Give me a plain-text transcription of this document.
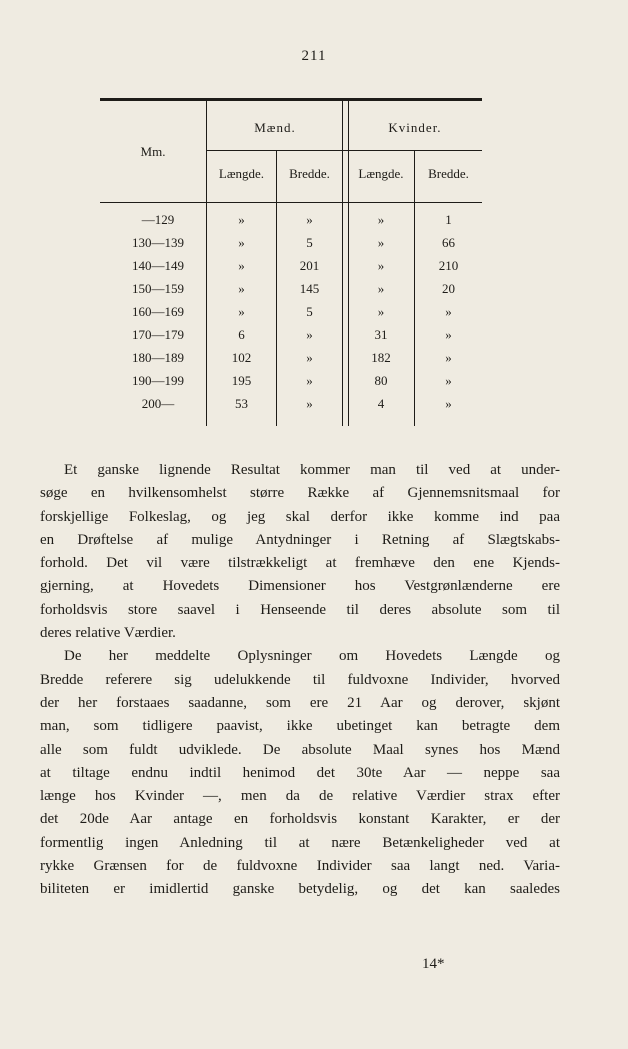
211
Mm.
Mænd.	Kvinder.
Længde.	Bredde.	Længde.	Bredde.
—129	»	»	»	1
130—139	»	5	»	66
140—149	»	201	»	210
150—159	»	145	»	20
160—169	»	5	»	»
170—179	6	»	31	»
180—189	102	»	182	»
190—199	195	»	80	»
200—	53	»	4	»

Et ganske lignende Resultat kommer man til ved at under-
søge en hvilkensomhelst større Række af Gjennemsnitsmaal for
forskjellige Folkeslag, og jeg skal derfor ikke komme ind paa
en Drøftelse af mulige Antydninger i Retning af Slægtskabs-
forhold. Det vil være tilstrækkeligt at fremhæve den ene Kjends-
gjerning, at Hovedets Dimensioner hos Vestgrønlænderne ere
forholdsvis store saavel i Henseende til deres absolute som til
deres relative Værdier.

De her meddelte Oplysninger om Hovedets Længde og
Bredde referere sig udelukkende til fuldvoxne Individer, hvorved
der her forstaaes saadanne, som ere 21 Aar og derover, skjønt
man, som tidligere paavist, ikke ubetinget kan betragte dem
alle som fuldt udviklede. De absolute Maal synes hos Mænd
at tiltage endnu indtil henimod det 30te Aar — neppe saa
længe hos Kvinder —, men da de relative Værdier strax efter
det 20de Aar antage en forholdsvis konstant Karakter, er der
formentlig ingen Anledning til at nære Betænkeligheder ved at
rykke Grænsen for de fuldvoxne Individer saa langt ned. Varia-
biliteten er imidlertid ganske betydelig, og det kan saaledes

14*
